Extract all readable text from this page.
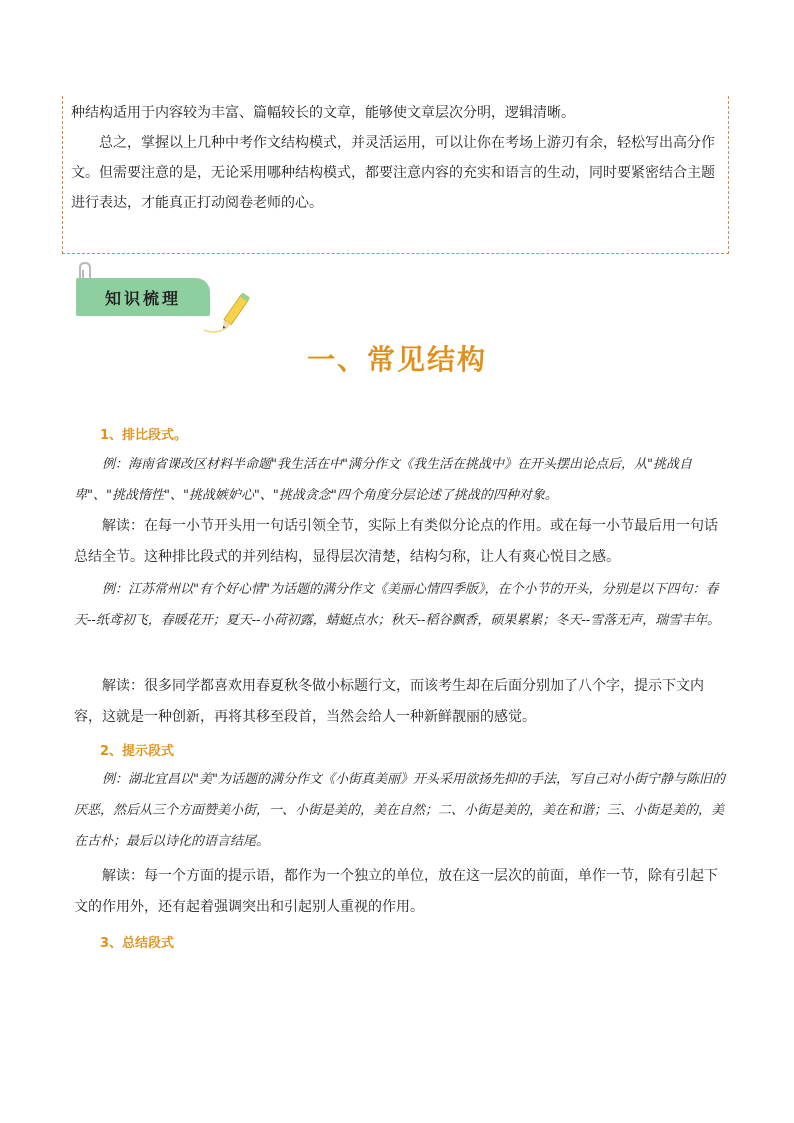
种结构适用于内容较为丰富、篇幅较长的文章，能够使文章层次分明，逻辑清晰。

总之，掌握以上几种中考作文结构模式，并灵活运用，可以让你在考场上游刃有余，轻松写出高分作文。但需要注意的是，无论采用哪种结构模式，都要注意内容的充实和语言的生动，同时要紧密结合主题进行表达，才能真正打动阅卷老师的心。

知识梳理
一、常见结构
1、排比段式。

例：海南省课改区材料半命题"我生活在中"满分作文《我生活在挑战中》在开头摆出论点后，从"挑战自卑"、"挑战惰性"、"挑战嫉妒心"、"挑战贪念"四个角度分层论述了挑战的四种对象。

解读：在每一小节开头用一句话引领全节，实际上有类似分论点的作用。或在每一小节最后用一句话总结全节。这种排比段式的并列结构，显得层次清楚，结构匀称，让人有爽心悦目之感。

例：江苏常州以"有个好心情"为话题的满分作文《美丽心情四季版》，在个小节的开头，分别是以下四句：春天--纸鸢初飞，春暖花开；夏天--小荷初露，蜻蜓点水；秋天--稻谷飘香，硕果累累；冬天--雪落无声，瑞雪丰年。

解读：很多同学都喜欢用春夏秋冬做小标题行文，而该考生却在后面分别加了八个字，提示下文内容，这就是一种创新，再将其移至段首，当然会给人一种新鲜靓丽的感觉。

2、提示段式

例：湖北宜昌以"美"为话题的满分作文《小街真美丽》开头采用欲扬先抑的手法，写自己对小街宁静与陈旧的厌恶，然后从三个方面赞美小街，一、小街是美的，美在自然；二、小街是美的，美在和谐；三、小街是美的，美在古朴；最后以诗化的语言结尾。

解读：每一个方面的提示语，都作为一个独立的单位，放在这一层次的前面，单作一节，除有引起下文的作用外，还有起着强调突出和引起别人重视的作用。

3、总结段式
